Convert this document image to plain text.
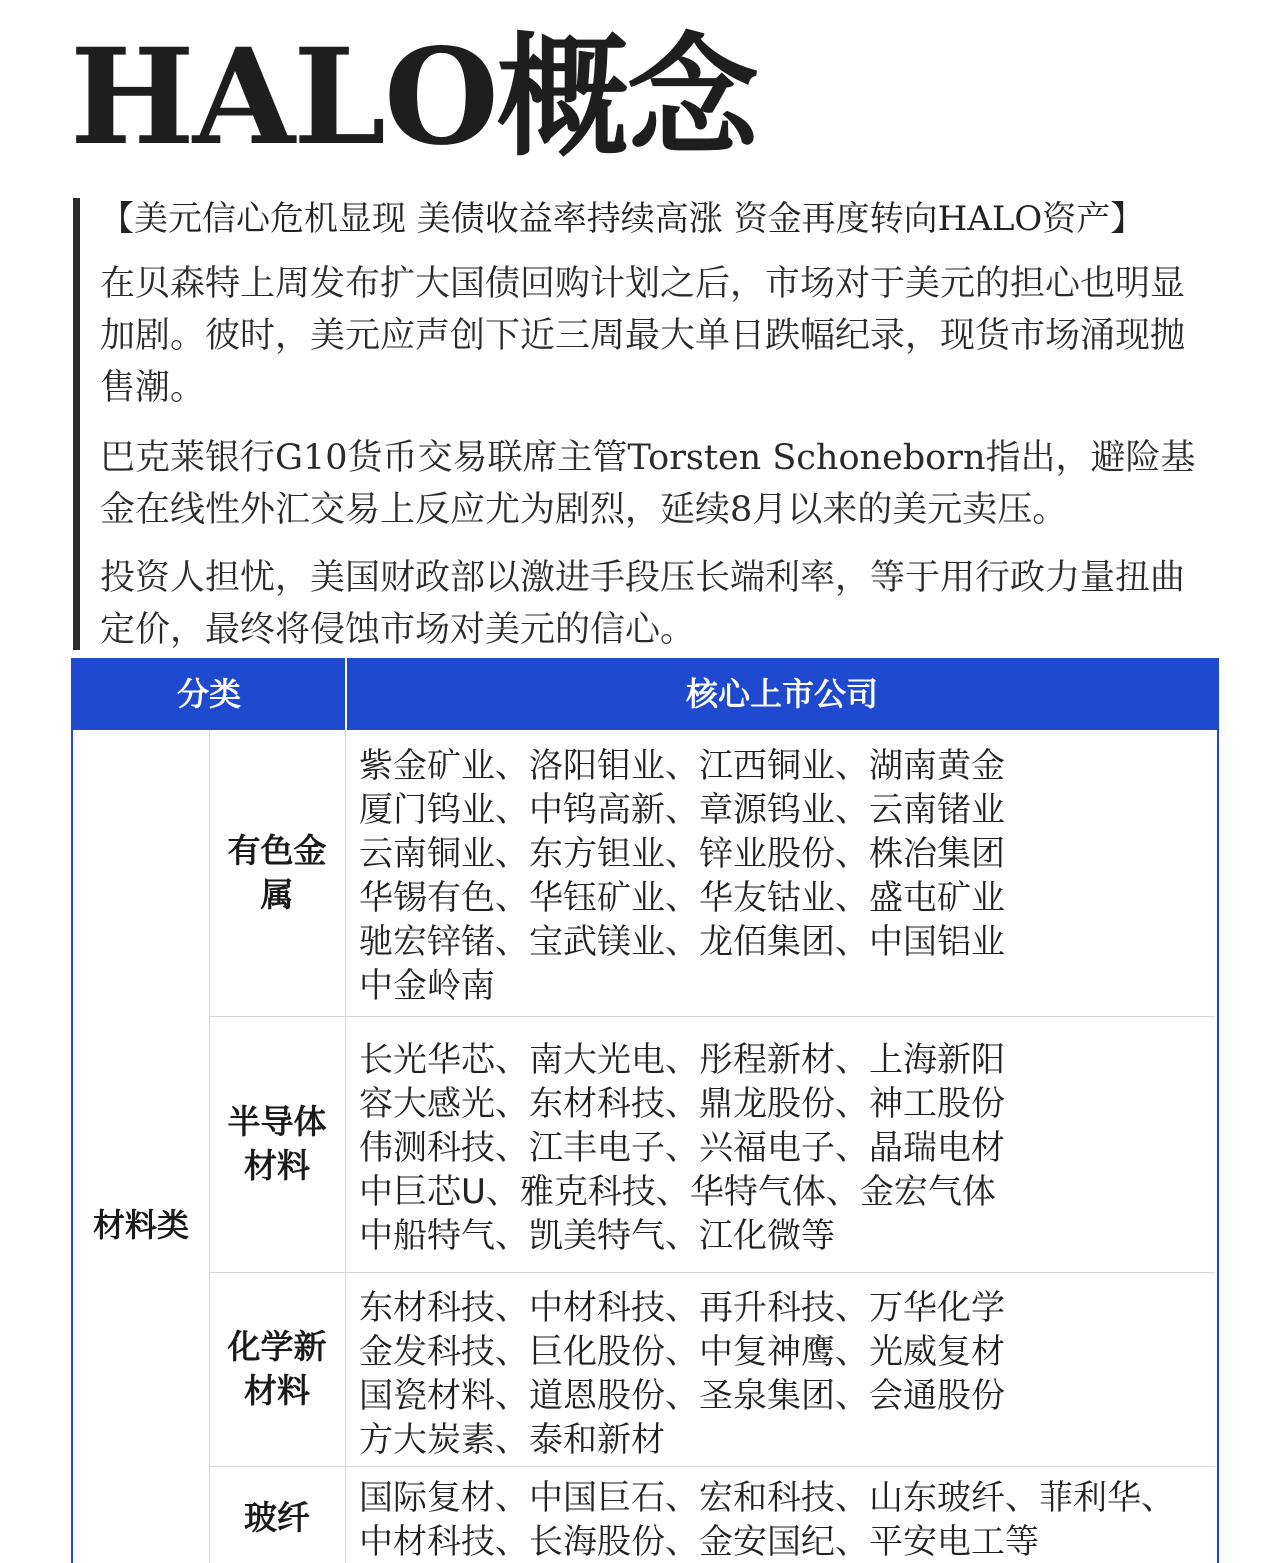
HALO概念
【美元信心危机显现 美债收益率持续高涨 资金再度转向HALO资产】

在贝森特上周发布扩大国债回购计划之后，市场对于美元的担心也明显加剧。彼时，美元应声创下近三周最大单日跌幅纪录，现货市场涌现抛售潮。

巴克莱银行G10货币交易联席主管Torsten Schoneborn指出，避险基金在线性外汇交易上反应尤为剧烈，延续8月以来的美元卖压。

投资人担忧，美国财政部以激进手段压长端利率，等于用行政力量扭曲定价，最终将侵蚀市场对美元的信心。

分类	核心上市公司
材料类
有色金属
紫金矿业、洛阳钼业、江西铜业、湖南黄金
厦门钨业、中钨高新、章源钨业、云南锗业
云南铜业、东方钽业、锌业股份、株冶集团
华锡有色、华钰矿业、华友钴业、盛屯矿业
驰宏锌锗、宝武镁业、龙佰集团、中国铝业
中金岭南
半导体材料
长光华芯、南大光电、彤程新材、上海新阳
容大感光、东材科技、鼎龙股份、神工股份
伟测科技、江丰电子、兴福电子、晶瑞电材
中巨芯U、雅克科技、华特气体、金宏气体
中船特气、凯美特气、江化微等
化学新材料
东材科技、中材科技、再升科技、万华化学
金发科技、巨化股份、中复神鹰、光威复材
国瓷材料、道恩股份、圣泉集团、会通股份
方大炭素、泰和新材
玻纤	国际复材、中国巨石、宏和科技、山东玻纤、菲利华、
中材科技、长海股份、金安国纪、平安电工等
